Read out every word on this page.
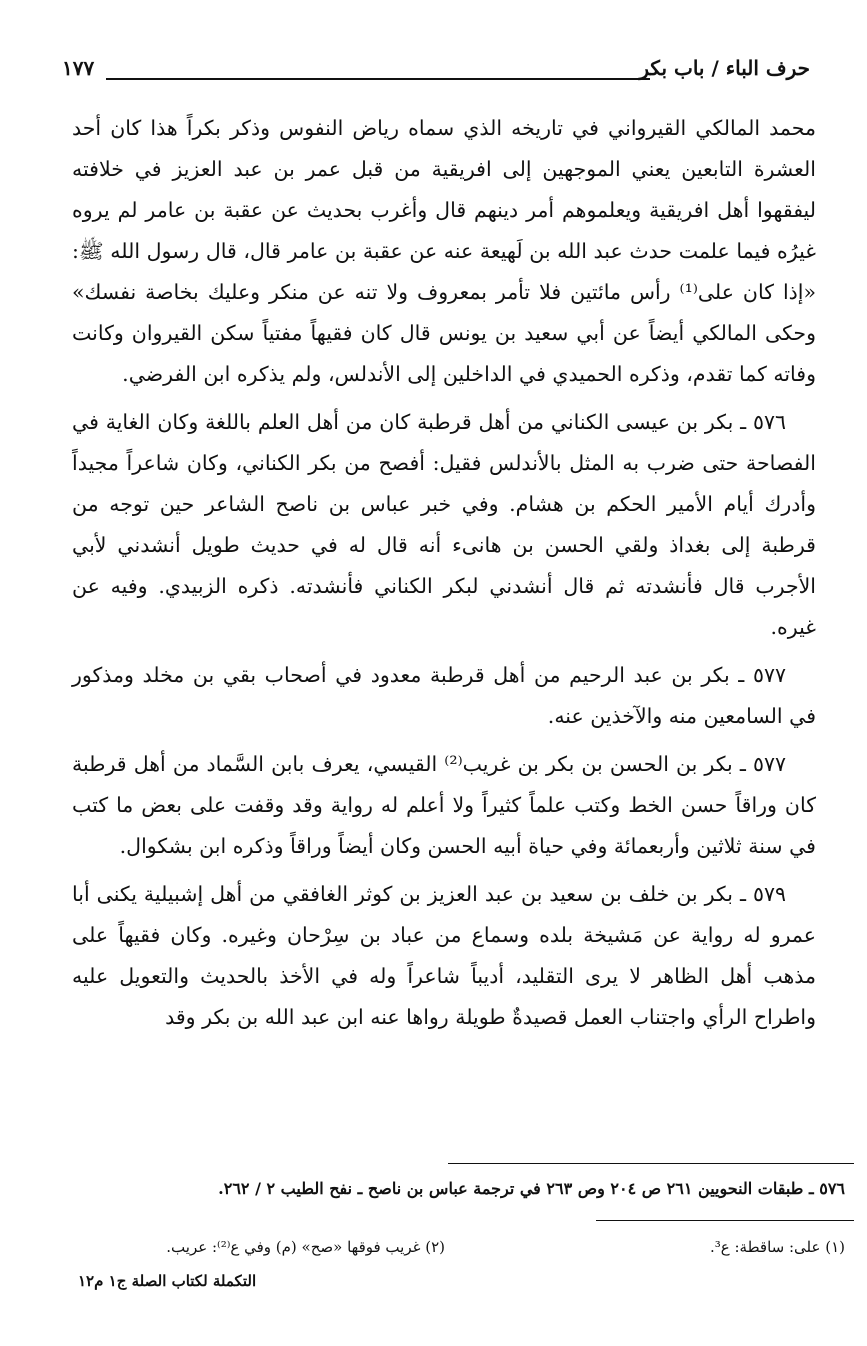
حرف الباء / باب بكر
١٧٧

محمد المالكي القيرواني في تاريخه الذي سماه رياض النفوس وذكر بكراً هذا كان أحد العشرة التابعين يعني الموجهين إلى افريقية من قبل عمر بن عبد العزيز في خلافته ليفقهوا أهل افريقية ويعلموهم أمر دينهم قال وأغرب بحديث عن عقبة بن عامر لم يروه غيرُه فيما علمت حدث عبد الله بن لَهيعة عنه عن عقبة بن عامر قال، قال رسول الله ﷺ: «إذا كان على⁽¹⁾ رأس مائتين فلا تأمر بمعروف ولا تنه عن منكر وعليك بخاصة نفسك» وحكى المالكي أيضاً عن أبي سعيد بن يونس قال كان فقيهاً مفتياً سكن القيروان وكانت وفاته كما تقدم، وذكره الحميدي في الداخلين إلى الأندلس، ولم يذكره ابن الفرضي.

٥٧٦ ـ بكر بن عيسى الكناني من أهل قرطبة كان من أهل العلم باللغة وكان الغاية في الفصاحة حتى ضرب به المثل بالأندلس فقيل: أفصح من بكر الكناني، وكان شاعراً مجيداً وأدرك أيام الأمير الحكم بن هشام. وفي خبر عباس بن ناصح الشاعر حين توجه من قرطبة إلى بغداذ ولقي الحسن بن هانىء أنه قال له في حديث طويل أنشدني لأبي الأجرب قال فأنشدته ثم قال أنشدني لبكر الكناني فأنشدته. ذكره الزبيدي. وفيه عن غيره.

٥٧٧ ـ بكر بن عبد الرحيم من أهل قرطبة معدود في أصحاب بقي بن مخلد ومذكور في السامعين منه والآخذين عنه.

٥٧٧ ـ بكر بن الحسن بن بكر بن غريب⁽²⁾ القيسي، يعرف بابن السَّماد من أهل قرطبة كان وراقاً حسن الخط وكتب علماً كثيراً ولا أعلم له رواية وقد وقفت على بعض ما كتب في سنة ثلاثين وأربعمائة وفي حياة أبيه الحسن وكان أيضاً وراقاً وذكره ابن بشكوال.

٥٧٩ ـ بكر بن خلف بن سعيد بن عبد العزيز بن كوثر الغافقي من أهل إشبيلية يكنى أبا عمرو له رواية عن مَشيخة بلده وسماع من عباد بن سِرْحان وغيره. وكان فقيهاً على مذهب أهل الظاهر لا يرى التقليد، أديباً شاعراً وله في الأخذ بالحديث والتعويل عليه واطراح الرأي واجتناب العمل قصيدةٌ طويلة رواها عنه ابن عبد الله بن بكر وقد

٥٧٦ ـ طبقات النحويين ٢٦١ ص ٢٠٤ وص ٢٦٣ في ترجمة عباس بن ناصح ـ نفح الطيب ٢ / ٢٦٢.
(١) على: ساقطة: ع³.
(٢) غريب فوقها «صح» (م) وفي ع⁽²⁾: عريب.
التكملة لكتاب الصلة ج١ م١٢
